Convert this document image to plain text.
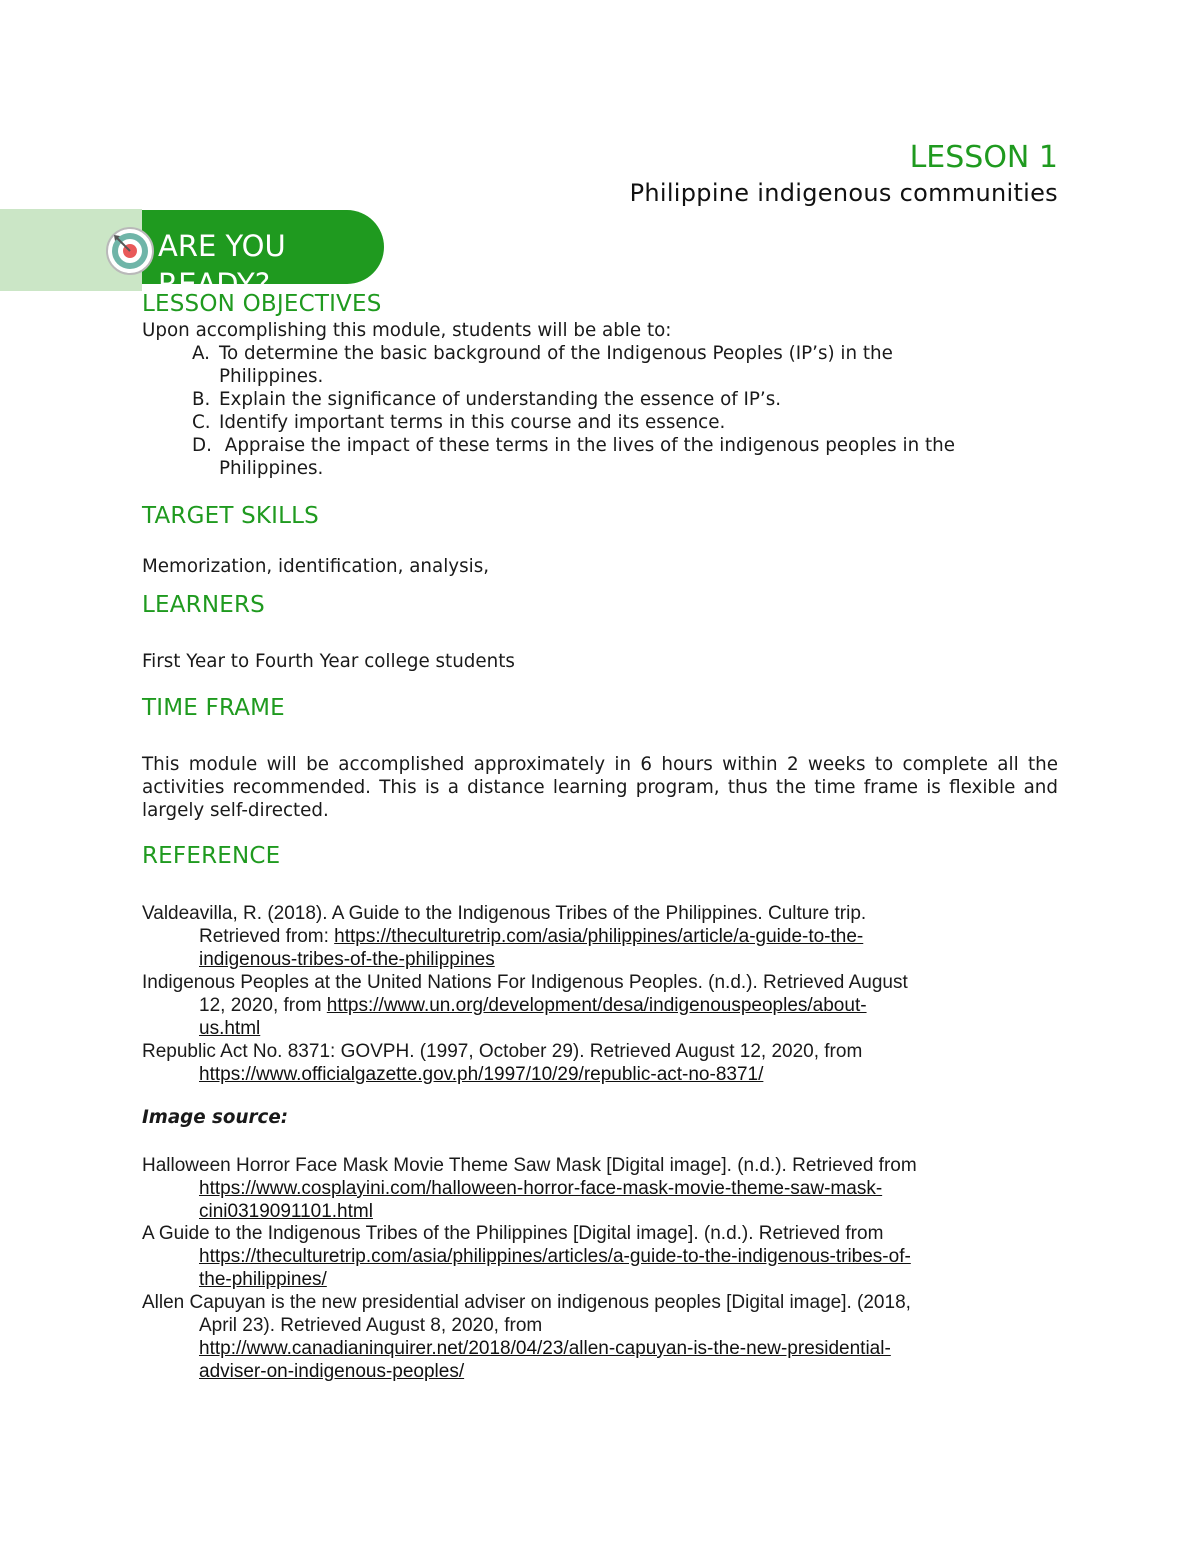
LESSON 1
Philippine indigenous communities
ARE YOU
READY?
LESSON OBJECTIVES
Upon accomplishing this module, students will be able to:
A. To determine the basic background of the Indigenous Peoples (IP’s) in the
Philippines.
B. Explain the significance of understanding the essence of IP’s.
C. Identify important terms in this course and its essence.
D. Appraise the impact of these terms in the lives of the indigenous peoples in the
Philippines.
TARGET SKILLS
Memorization, identification, analysis,
LEARNERS
First Year to Fourth Year college students
TIME FRAME
This module will be accomplished approximately in 6 hours within 2 weeks to complete all the activities recommended. This is a distance learning program, thus the time frame is flexible and largely self-directed.
REFERENCE
Valdeavilla, R. (2018). A Guide to the Indigenous Tribes of the Philippines. Culture trip.
Retrieved from: https://theculturetrip.com/asia/philippines/article/a-guide-to-the-
indigenous-tribes-of-the-philippines
Indigenous Peoples at the United Nations For Indigenous Peoples. (n.d.). Retrieved August
12, 2020, from https://www.un.org/development/desa/indigenouspeoples/about-
us.html
Republic Act No. 8371: GOVPH. (1997, October 29). Retrieved August 12, 2020, from
https://www.officialgazette.gov.ph/1997/10/29/republic-act-no-8371/
Image source:
Halloween Horror Face Mask Movie Theme Saw Mask [Digital image]. (n.d.). Retrieved from
https://www.cosplayini.com/halloween-horror-face-mask-movie-theme-saw-mask-
cini0319091101.html
A Guide to the Indigenous Tribes of the Philippines [Digital image]. (n.d.). Retrieved from
https://theculturetrip.com/asia/philippines/articles/a-guide-to-the-indigenous-tribes-of-
the-philippines/
Allen Capuyan is the new presidential adviser on indigenous peoples [Digital image]. (2018,
April 23). Retrieved August 8, 2020, from
http://www.canadianinquirer.net/2018/04/23/allen-capuyan-is-the-new-presidential-
adviser-on-indigenous-peoples/
